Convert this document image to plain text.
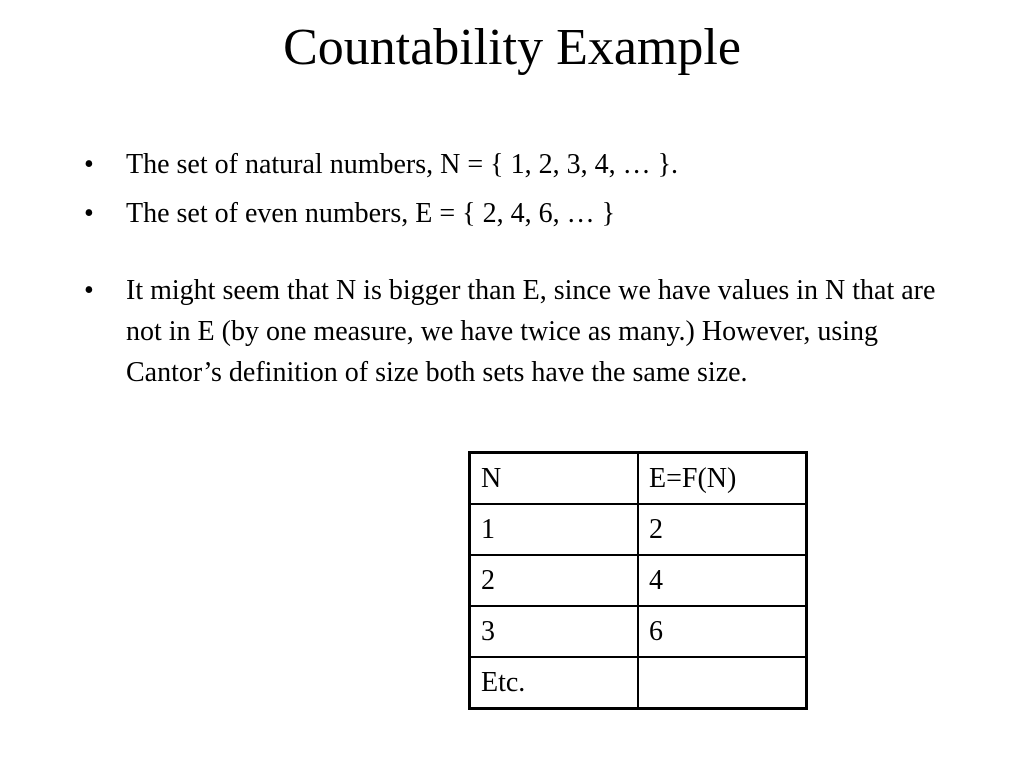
Countability Example
•	The set of natural numbers, N = { 1, 2, 3, 4, … }.
•	The set of even numbers, E = { 2, 4, 6, … }
•	It might seem that N is bigger than E, since we have values in N that are not in E (by one measure, we have twice as many.) However, using Cantor’s definition of size both sets have the same size.
N	E=F(N)
1	2
2	4
3	6
Etc.	
